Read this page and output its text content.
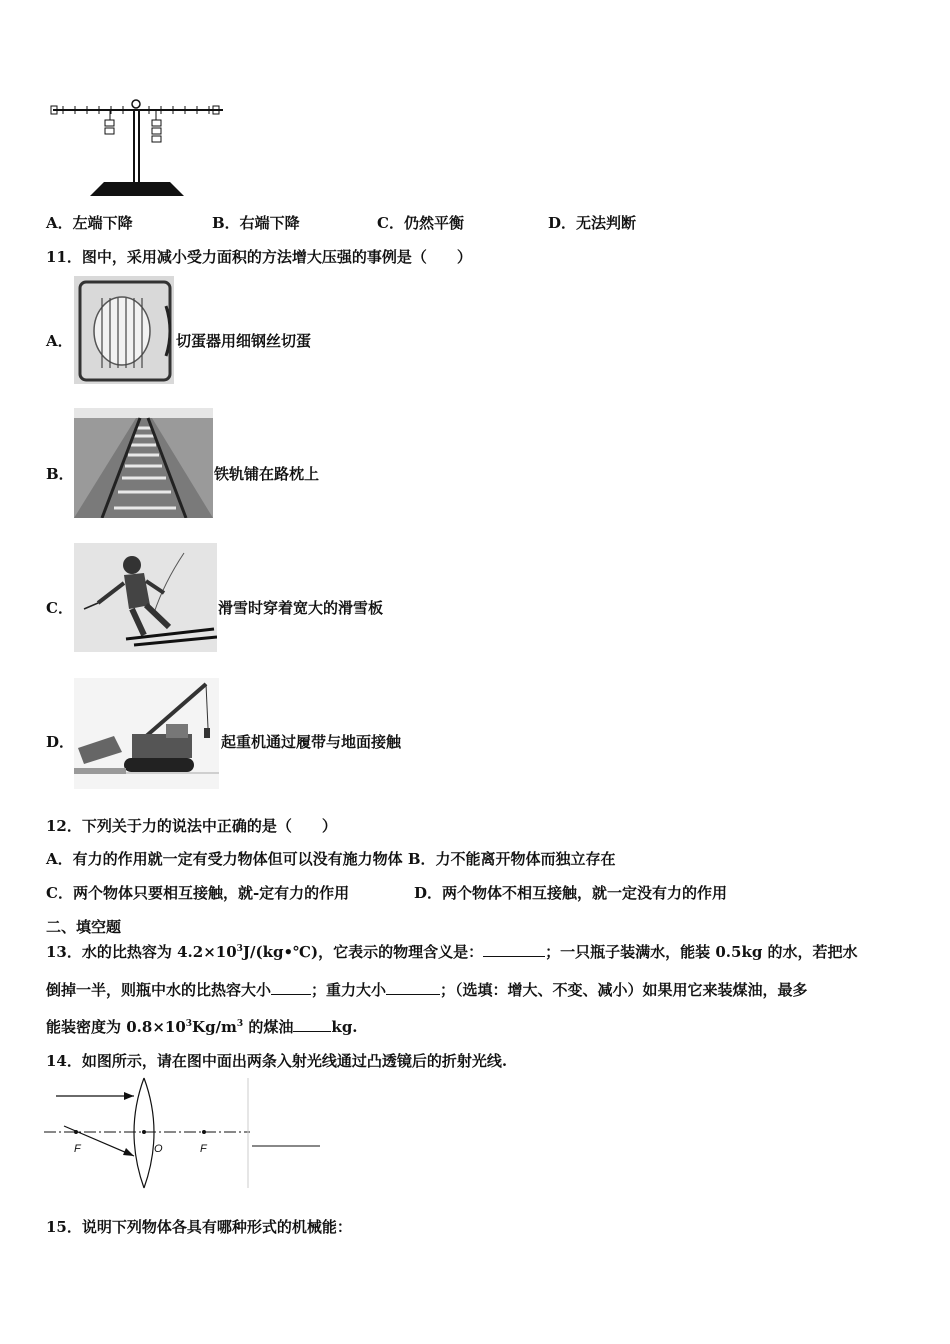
A．左端下降	B．右端下降	C．仍然平衡	D．无法判断
11．图中，采用减小受力面积的方法增大压强的事例是（　　）
A．	切蛋器用细钢丝切蛋
B．	铁轨铺在路枕上
C．	滑雪时穿着宽大的滑雪板
D．	起重机通过履带与地面接触
12．下列关于力的说法中正确的是（　　）
A．有力的作用就一定有受力物体但可以没有施力物体 B．力不能离开物体而独立存在
C．两个物体只要相互接触，就-定有力的作用	D．两个物体不相互接触，就一定没有力的作用
二、填空题
13．水的比热容为 $4.2\times 10^3J/(kg•℃)$，它表示的物理含义是：	；一只瓶子装满水，能装 0.5kg 的水，若把水
倒掉一半，则瓶中水的比热容大小	；重力大小	；（选填：增大、不变、减小）如果用它来装煤油，最多
能装密度为 $0.8\times 10^3Kg/m^3$ 的煤油	kg.
14．如图所示，请在图中面出两条入射光线通过凸透镜后的折射光线.
F	O	F
15．说明下列物体各具有哪种形式的机械能：
